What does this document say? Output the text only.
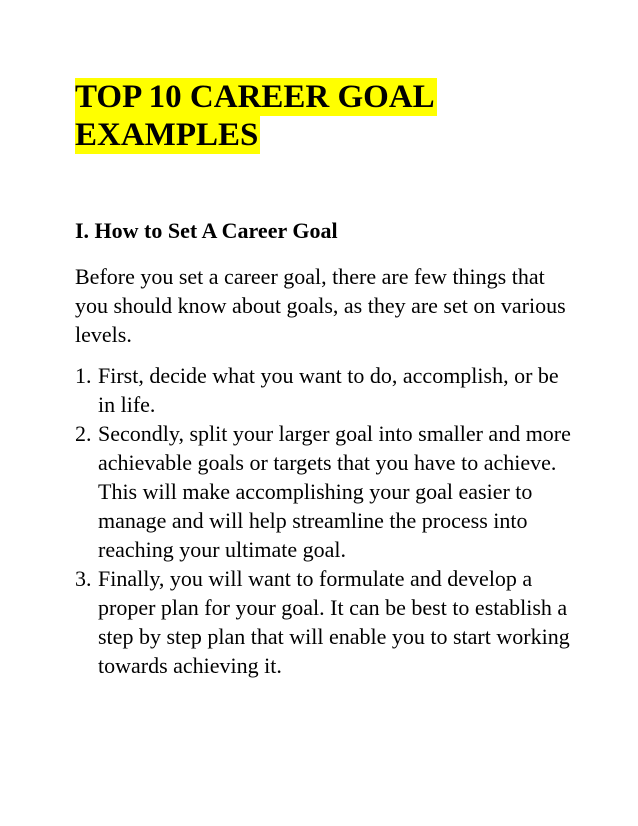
TOP 10 CAREER GOAL
EXAMPLES
I. How to Set A Career Goal

Before you set a career goal, there are few things that you should know about goals, as they are set on various levels.

1. First, decide what you want to do, accomplish, or be in life.
2. Secondly, split your larger goal into smaller and more achievable goals or targets that you have to achieve. This will make accomplishing your goal easier to manage and will help streamline the process into reaching your ultimate goal.
3. Finally, you will want to formulate and develop a proper plan for your goal. It can be best to establish a step by step plan that will enable you to start working towards achieving it.
